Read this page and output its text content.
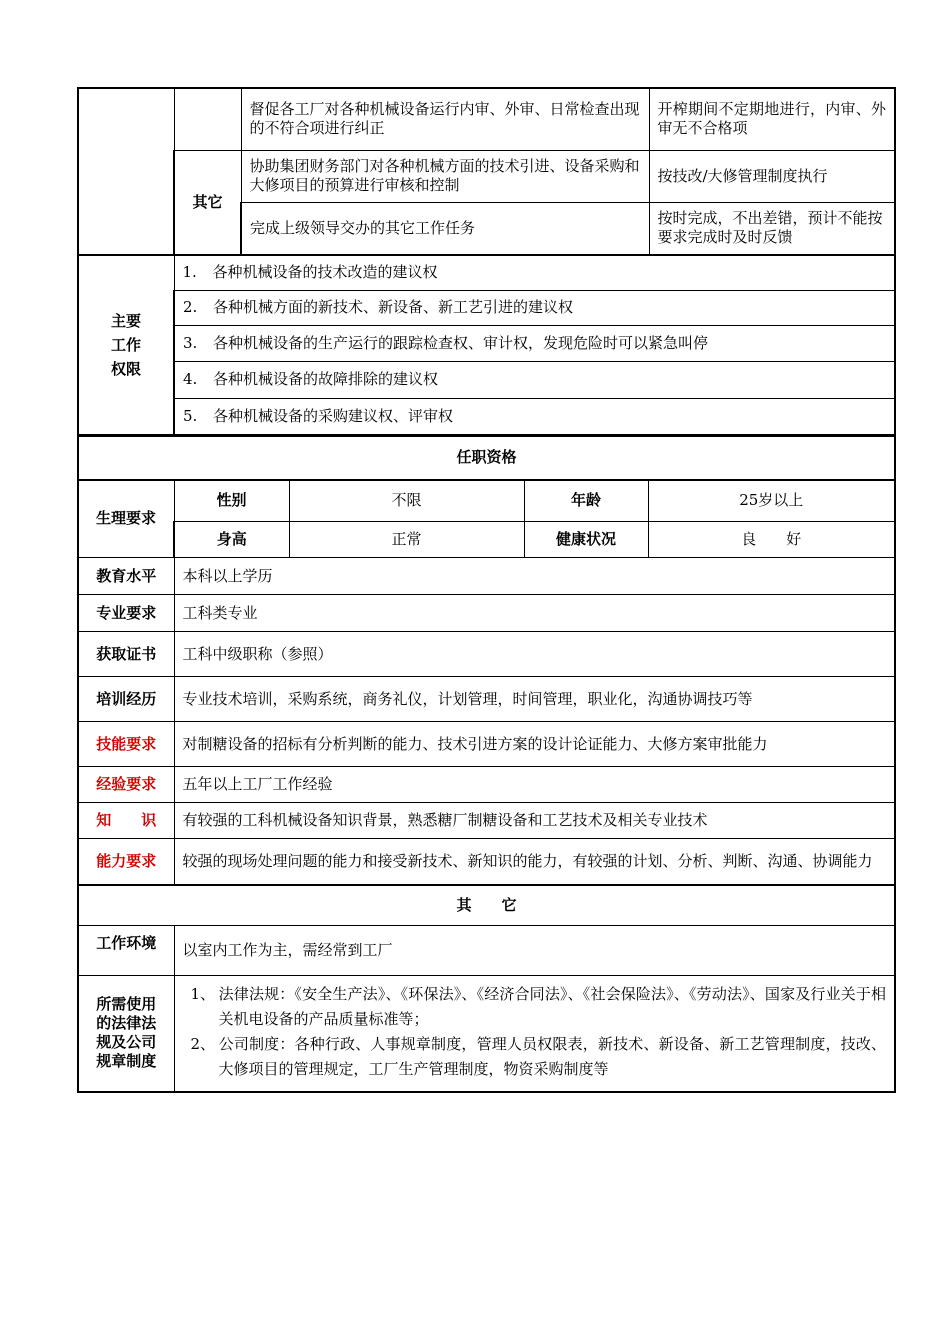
		督促各工厂对各种机械设备运行内审、外审、日常检查出现的不符合项进行纠正	开榨期间不定期地进行，内审、外审无不合格项
	其它	协助集团财务部门对各种机械方面的技术引进、设备采购和大修项目的预算进行审核和控制	按技改/大修管理制度执行
		完成上级领导交办的其它工作任务	按时完成，不出差错，预计不能按要求完成时及时反馈
主要
工作
权限
	1. 各种机械设备的技术改造的建议权
2. 各种机械方面的新技术、新设备、新工艺引进的建议权
3. 各种机械设备的生产运行的跟踪检查权、审计权，发现危险时可以紧急叫停
4. 各种机械设备的故障排除的建议权
5. 各种机械设备的采购建议权、评审权
任职资格				
生理要求	性别	不限	年龄	25岁以上
	身高	正常	健康状况	良　　好
教育水平	本科以上学历			
专业要求	工科类专业			
获取证书	工科中级职称（参照）			
培训经历	专业技术培训，采购系统，商务礼仪，计划管理，时间管理，职业化，沟通协调技巧等			
技能要求	对制糖设备的招标有分析判断的能力、技术引进方案的设计论证能力、大修方案审批能力			
经验要求	五年以上工厂工作经验			
知　　识	有较强的工科机械设备知识背景，熟悉糖厂制糖设备和工艺技术及相关专业技术			
能力要求	较强的现场处理问题的能力和接受新技术、新知识的能力，有较强的计划、分析、判断、沟通、协调能力			
其　　它	
工作环境	以室内工作为主，需经常到工厂
所需使用的法律法规及公司规章制度	1、 法律法规：《安全生产法》、《环保法》、《经济合同法》、《社会保险法》、《劳动法》、国家及行业关于相关机电设备的产品质量标准等；
2、 公司制度：各种行政、人事规章制度，管理人员权限表，新技术、新设备、新工艺管理制度，技改、大修项目的管理规定，工厂生产管理制度，物资采购制度等
